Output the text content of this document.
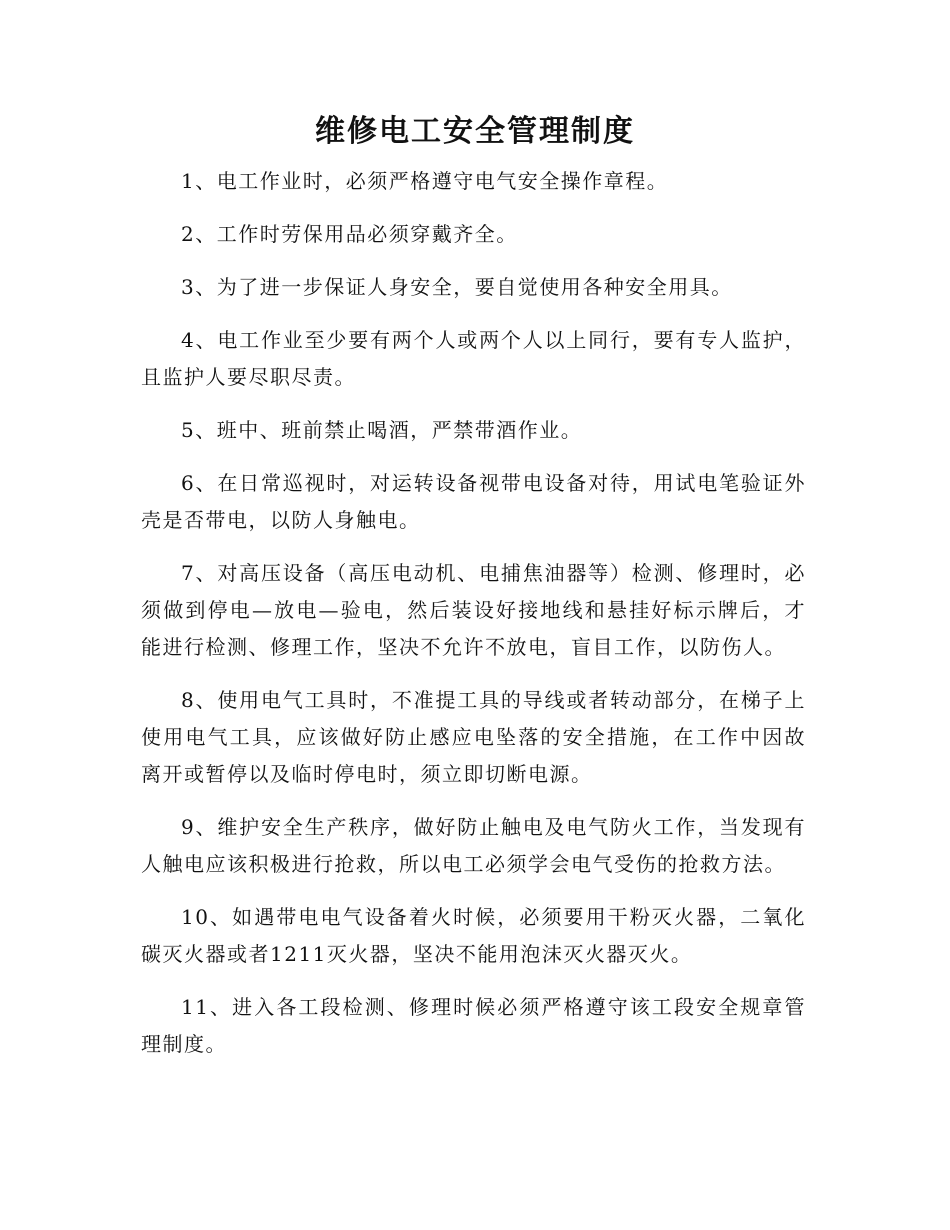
维修电工安全管理制度

1、电工作业时，必须严格遵守电气安全操作章程。

2、工作时劳保用品必须穿戴齐全。

3、为了进一步保证人身安全，要自觉使用各种安全用具。

4、电工作业至少要有两个人或两个人以上同行，要有专人监护，且监护人要尽职尽责。

5、班中、班前禁止喝酒，严禁带酒作业。

6、在日常巡视时，对运转设备视带电设备对待，用试电笔验证外壳是否带电，以防人身触电。

7、对高压设备（高压电动机、电捕焦油器等）检测、修理时，必须做到停电—放电—验电，然后装设好接地线和悬挂好标示牌后，才能进行检测、修理工作，坚决不允许不放电，盲目工作，以防伤人。

8、使用电气工具时，不准提工具的导线或者转动部分，在梯子上使用电气工具，应该做好防止感应电坠落的安全措施，在工作中因故离开或暂停以及临时停电时，须立即切断电源。

9、维护安全生产秩序，做好防止触电及电气防火工作，当发现有人触电应该积极进行抢救，所以电工必须学会电气受伤的抢救方法。

10、如遇带电电气设备着火时候，必须要用干粉灭火器，二氧化碳灭火器或者1211灭火器，坚决不能用泡沫灭火器灭火。

11、进入各工段检测、修理时候必须严格遵守该工段安全规章管理制度。
